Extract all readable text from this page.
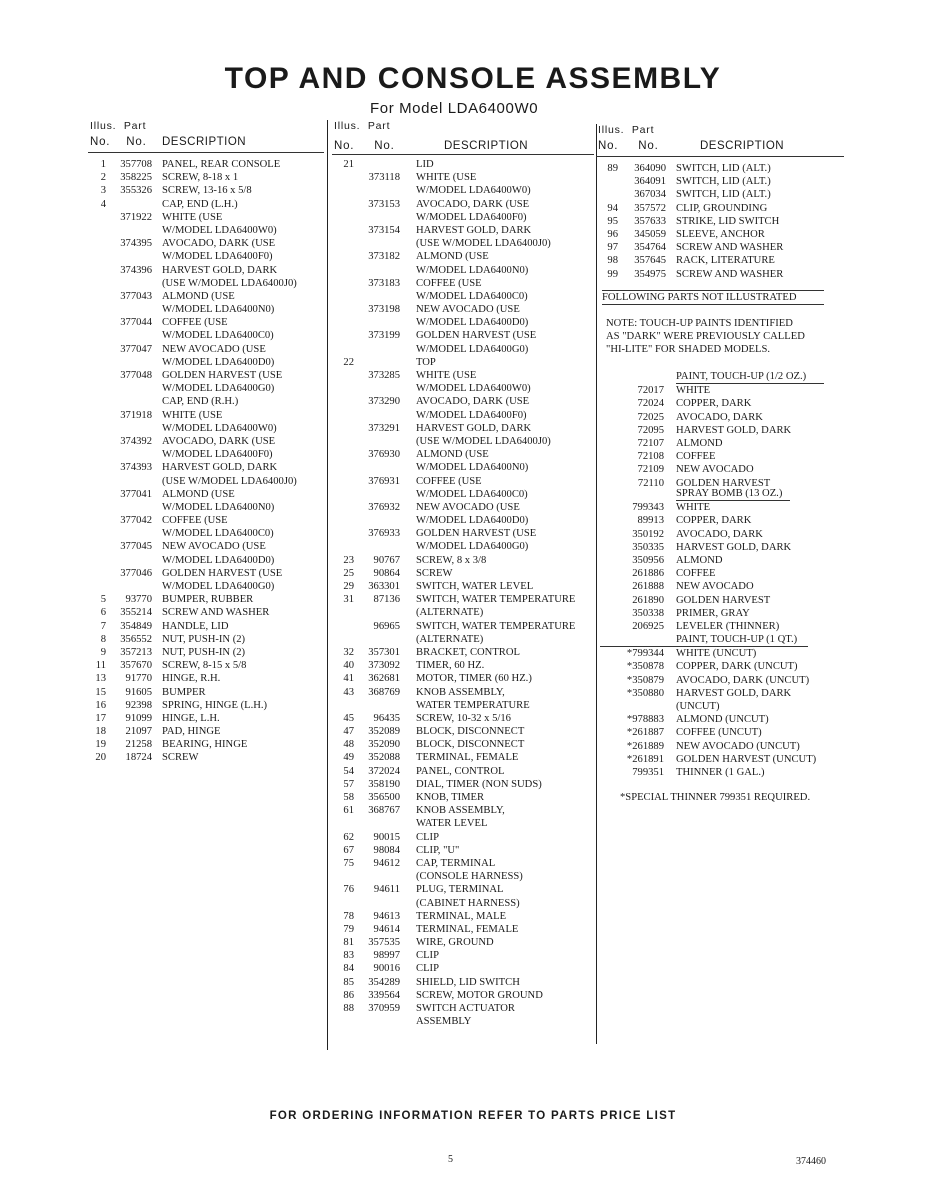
TOP AND CONSOLE ASSEMBLY
For Model LDA6400W0
Illus. Part
No. No. DESCRIPTION
1	357708 PANEL, REAR CONSOLE
2	358225 SCREW, 8-18 x 1
3	355326 SCREW, 13-16 x 5/8
4	CAP, END (L.H.)
371922 WHITE (USE
W/MODEL LDA6400W0)
374395 AVOCADO, DARK (USE
W/MODEL LDA6400F0)
374396 HARVEST GOLD, DARK
(USE W/MODEL LDA6400J0)
377043 ALMOND (USE
W/MODEL LDA6400N0)
377044 COFFEE (USE
W/MODEL LDA6400C0)
377047 NEW AVOCADO (USE
W/MODEL LDA6400D0)
377048 GOLDEN HARVEST (USE
W/MODEL LDA6400G0)
CAP, END (R.H.)
371918 WHITE (USE
W/MODEL LDA6400W0)
374392 AVOCADO, DARK (USE
W/MODEL LDA6400F0)
374393 HARVEST GOLD, DARK
(USE W/MODEL LDA6400J0)
377041 ALMOND (USE
W/MODEL LDA6400N0)
377042 COFFEE (USE
W/MODEL LDA6400C0)
377045 NEW AVOCADO (USE
W/MODEL LDA6400D0)
377046 GOLDEN HARVEST (USE
W/MODEL LDA6400G0)
5	93770 BUMPER, RUBBER
6	355214 SCREW AND WASHER
7	354849 HANDLE, LID
8	356552 NUT, PUSH-IN (2)
9	357213 NUT, PUSH-IN (2)
11	357670 SCREW, 8-15 x 5/8
13	91770 HINGE, R.H.
15	91605 BUMPER
16	92398 SPRING, HINGE (L.H.)
17	91099 HINGE, L.H.
18	21097 PAD, HINGE
19	21258 BEARING, HINGE
20	18724 SCREW
Illus. Part
No. No.	DESCRIPTION
21	LID
373118 WHITE (USE
W/MODEL LDA6400W0)
373153 AVOCADO, DARK (USE
W/MODEL LDA6400F0)
373154 HARVEST GOLD, DARK
(USE W/MODEL LDA6400J0)
373182 ALMOND (USE
W/MODEL LDA6400N0)
373183 COFFEE (USE
W/MODEL LDA6400C0)
373198 NEW AVOCADO (USE
W/MODEL LDA6400D0)
373199 GOLDEN HARVEST (USE
W/MODEL LDA6400G0)
22	TOP
373285 WHITE (USE
W/MODEL LDA6400W0)
373290 AVOCADO, DARK (USE
W/MODEL LDA6400F0)
373291 HARVEST GOLD, DARK
(USE W/MODEL LDA6400J0)
376930 ALMOND (USE
W/MODEL LDA6400N0)
376931 COFFEE (USE
W/MODEL LDA6400C0)
376932 NEW AVOCADO (USE
W/MODEL LDA6400D0)
376933 GOLDEN HARVEST (USE
W/MODEL LDA6400G0)
23	90767 SCREW, 8 x 3/8
25	90864 SCREW
29	363301 SWITCH, WATER LEVEL
31	87136 SWITCH, WATER TEMPERATURE
(ALTERNATE)
96965 SWITCH, WATER TEMPERATURE
(ALTERNATE)
32	357301 BRACKET, CONTROL
40	373092 TIMER, 60 HZ.
41	362681 MOTOR, TIMER (60 HZ.)
43	368769 KNOB ASSEMBLY,
WATER TEMPERATURE
45	96435 SCREW, 10-32 x 5/16
47	352089 BLOCK, DISCONNECT
48	352090 BLOCK, DISCONNECT
49	352088 TERMINAL, FEMALE
54	372024 PANEL, CONTROL
57	358190 DIAL, TIMER (NON SUDS)
58	356500 KNOB, TIMER
61	368767 KNOB ASSEMBLY,
WATER LEVEL
62	90015 CLIP
67	98084 CLIP, "U"
75	94612 CAP, TERMINAL
(CONSOLE HARNESS)
76	94611 PLUG, TERMINAL
(CABINET HARNESS)
78	94613 TERMINAL, MALE
79	94614 TERMINAL, FEMALE
81	357535 WIRE, GROUND
83	98997 CLIP
84	90016 CLIP
85	354289 SHIELD, LID SWITCH
86	339564 SCREW, MOTOR GROUND
88	370959 SWITCH ACTUATOR
ASSEMBLY
Illus. Part
No. No.	DESCRIPTION
89	364090 SWITCH, LID (ALT.)
364091 SWITCH, LID (ALT.)
367034 SWITCH, LID (ALT.)
94	357572 CLIP, GROUNDING
95	357633 STRIKE, LID SWITCH
96	345059 SLEEVE, ANCHOR
97	354764 SCREW AND WASHER
98	357645 RACK, LITERATURE
99	354975 SCREW AND WASHER
FOLLOWING PARTS NOT ILLUSTRATED
NOTE: TOUCH-UP PAINTS IDENTIFIED
AS "DARK" WERE PREVIOUSLY CALLED
"HI-LITE" FOR SHADED MODELS.
PAINT, TOUCH-UP (1/2 OZ.)
72017 WHITE
72024 COPPER, DARK
72025 AVOCADO, DARK
72095 HARVEST GOLD, DARK
72107 ALMOND
72108 COFFEE
72109 NEW AVOCADO
72110 GOLDEN HARVEST
SPRAY BOMB (13 OZ.)
799343 WHITE
89913 COPPER, DARK
350192 AVOCADO, DARK
350335 HARVEST GOLD, DARK
350956 ALMOND
261886 COFFEE
261888 NEW AVOCADO
261890 GOLDEN HARVEST
350338 PRIMER, GRAY
206925 LEVELER (THINNER)
PAINT, TOUCH-UP (1 QT.)
*799344 WHITE (UNCUT)
*350878 COPPER, DARK (UNCUT)
*350879 AVOCADO, DARK (UNCUT)
*350880 HARVEST GOLD, DARK
(UNCUT)
*978883 ALMOND (UNCUT)
*261887 COFFEE (UNCUT)
*261889 NEW AVOCADO (UNCUT)
*261891 GOLDEN HARVEST (UNCUT)
799351 THINNER (1 GAL.)
*SPECIAL THINNER 799351 REQUIRED.
FOR ORDERING INFORMATION REFER TO PARTS PRICE LIST
5	374460
